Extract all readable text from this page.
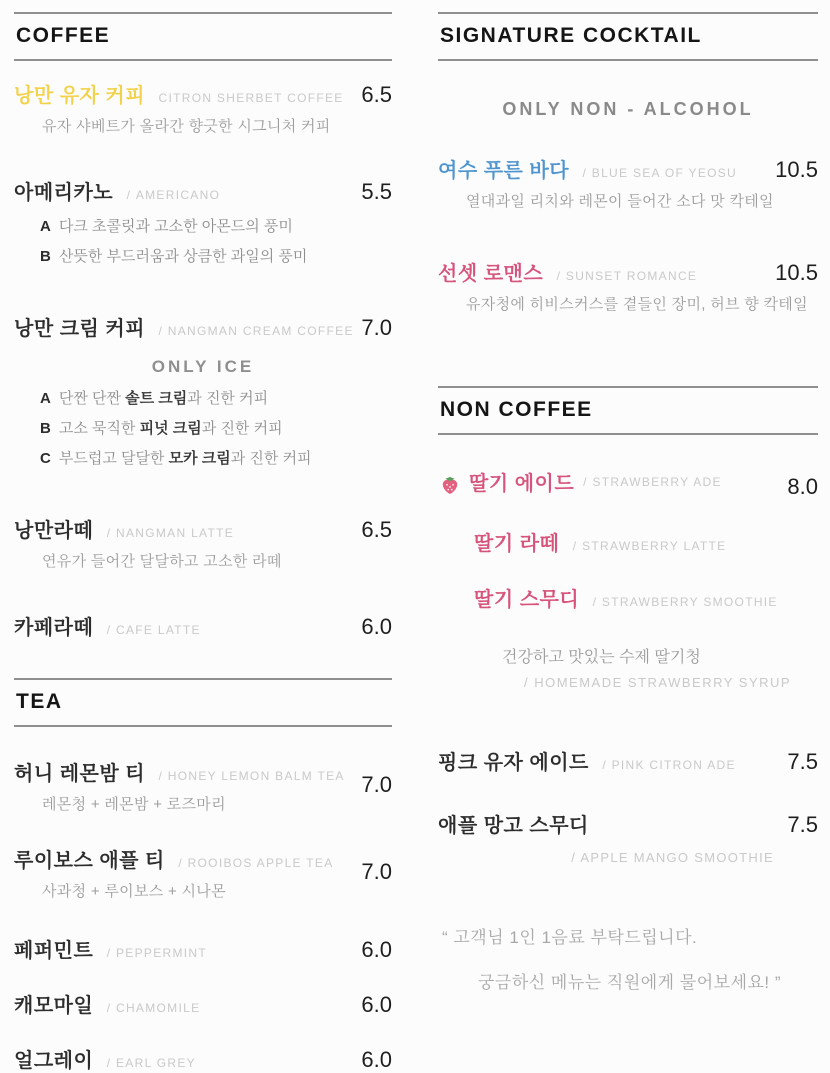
COFFEE
낭만 유자 커피 CITRON SHERBET COFFEE 6.5

유자 샤베트가 올라간 향긋한 시그니처 커피

아메리카노 / AMERICANO	5.5
A 다크 초콜릿과 고소한 아몬드의 풍미
B 산뜻한 부드러움과 상큼한 과일의 풍미
낭만 크림 커피 / NANGMAN CREAM COFFEE 7.0
ONLY ICE
A 단짠 단짠 솔트 크림과 진한 커피
B 고소 묵직한 피넛 크림과 진한 커피
C 부드럽고 달달한 모카 크림과 진한 커피
낭만라떼 / NANGMAN LATTE	6.5

연유가 들어간 달달하고 고소한 라떼

카페라떼 / CAFE LATTE	6.0
TEA
허니 레몬밤 티 / HONEY LEMON BALM TEA 7.0

레몬청 + 레몬밤 + 로즈마리

루이보스 애플 티 / ROOIBOS APPLE TEA	7.0

사과청 + 루이보스 + 시나몬

페퍼민트 / PEPPERMINT	6.0
캐모마일 / CHAMOMILE	6.0
얼그레이 / EARL GREY	6.0
SIGNATURE COCKTAIL
ONLY NON - ALCOHOL
여수 푸른 바다 / BLUE SEA OF YEOSU	10.5

열대과일 리치와 레몬이 들어간 소다 맛 칵테일

선셋 로맨스 / SUNSET ROMANCE	10.5

유자청에 히비스커스를 곁들인 장미, 허브 향 칵테일

NON COFFEE
딸기 에이드 / STRAWBERRY ADE	8.0
딸기 라떼 / STRAWBERRY LATTE
딸기 스무디 / STRAWBERRY SMOOTHIE

건강하고 맛있는 수제 딸기청

/ HOMEMADE STRAWBERRY SYRUP

핑크 유자 에이드 / PINK CITRON ADE	7.5
애플 망고 스무디	7.5

/ APPLE MANGO SMOOTHIE

“ 고객님 1인 1음료 부탁드립니다.

궁금하신 메뉴는 직원에게 물어보세요! ”
